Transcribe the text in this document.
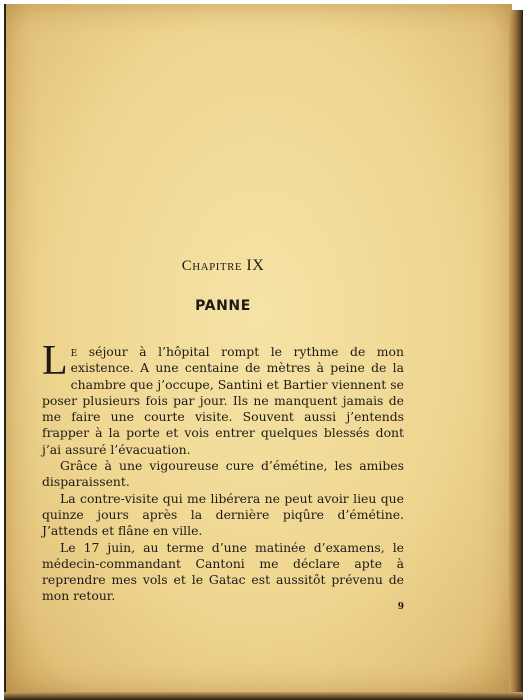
Chapitre IX
PANNE

Le séjour à l’hôpital rompt le rythme de mon existence. A une centaine de mètres à peine de la chambre que j’occupe, Santini et Bartier viennent se poser plusieurs fois par jour. Ils ne manquent jamais de me faire une courte visite. Souvent aussi j’entends frapper à la porte et vois entrer quelques blessés dont j’ai assuré l’évacuation.

Grâce à une vigoureuse cure d’émétine, les amibes disparaissent.

La contre-visite qui me libérera ne peut avoir lieu que quinze jours après la dernière piqûre d’émétine. J’attends et flâne en ville.

Le 17 juin, au terme d’une matinée d’examens, le médecin-commandant Cantoni me déclare apte à reprendre mes vols et le Gatac est aussitôt prévenu de mon retour.

9
